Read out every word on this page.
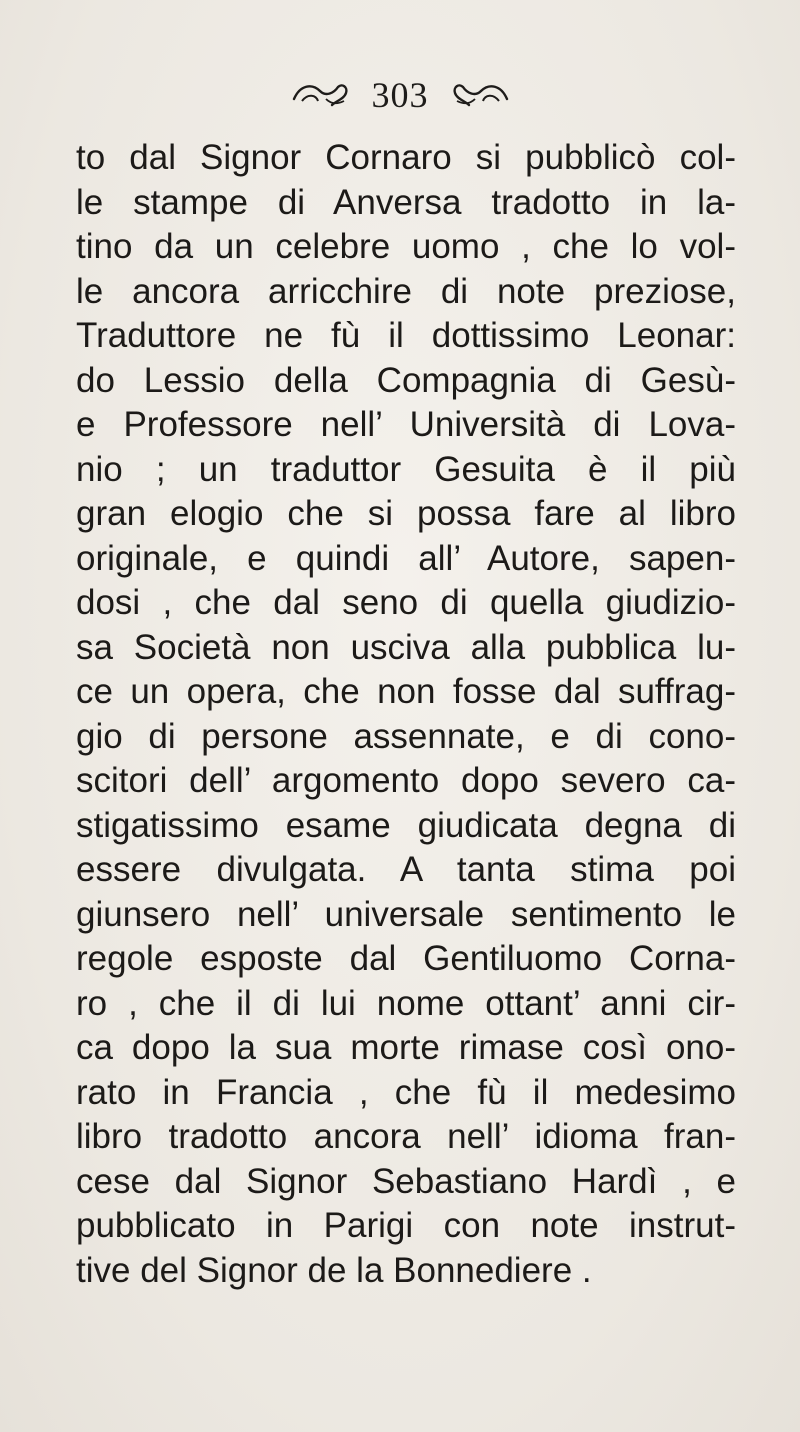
303
to dal Signor Cornaro si pubblicò col-
le stampe di Anversa tradotto in la-
tino da un celebre uomo , che lo vol-
le ancora arricchire di note preziose,
Traduttore ne fù il dottissimo Leonar:
do Lessio della Compagnia di Gesù-
e Professore nell’ Università di Lova-
nio ; un traduttor Gesuita è il più
gran elogio che si possa fare al libro
originale, e quindi all’ Autore, sapen-
dosi , che dal seno di quella giudizio-
sa Società non usciva alla pubblica lu-
ce un opera, che non fosse dal suffrag-
gio di persone assennate, e di cono-
scitori dell’ argomento dopo severo ca-
stigatissimo esame giudicata degna di
essere divulgata. A tanta stima poi
giunsero nell’ universale sentimento le
regole esposte dal Gentiluomo Corna-
ro , che il di lui nome ottant’ anni cir-
ca dopo la sua morte rimase così ono-
rato in Francia , che fù il medesimo
libro tradotto ancora nell’ idioma fran-
cese dal Signor Sebastiano Hardì , e
pubblicato in Parigi con note instrut-
tive del Signor de la Bonnediere .
